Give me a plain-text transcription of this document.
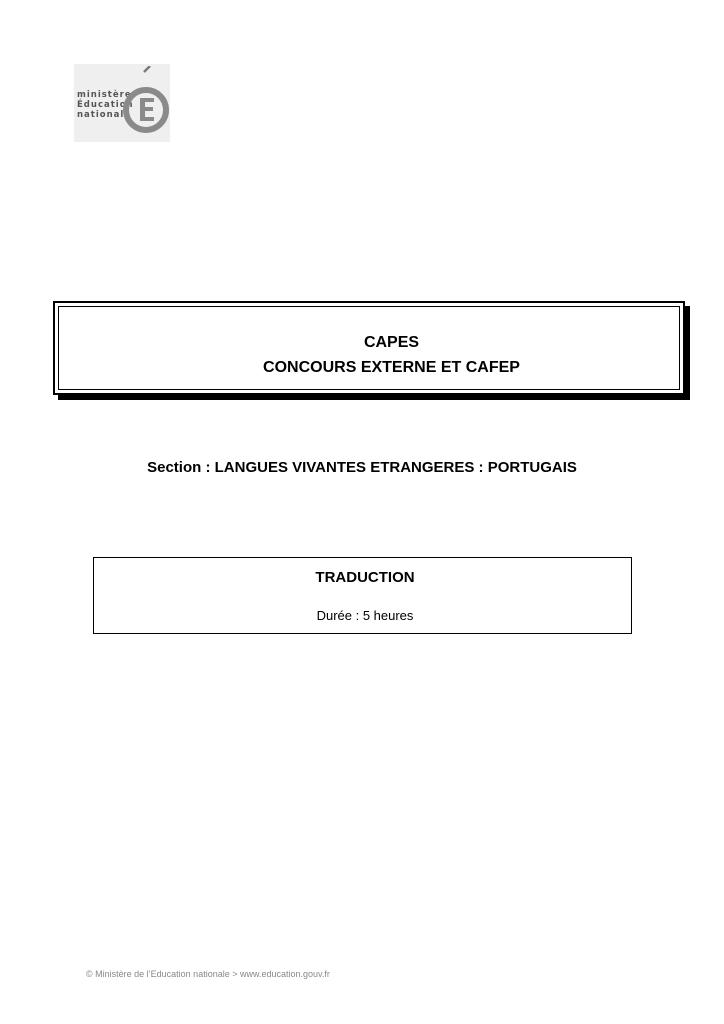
ministère
Éducation
nationale
CAPES
CONCOURS EXTERNE ET CAFEP
Section : LANGUES VIVANTES ETRANGERES : PORTUGAIS
TRADUCTION
Durée : 5 heures
© Ministère de l’Education nationale > www.education.gouv.fr
